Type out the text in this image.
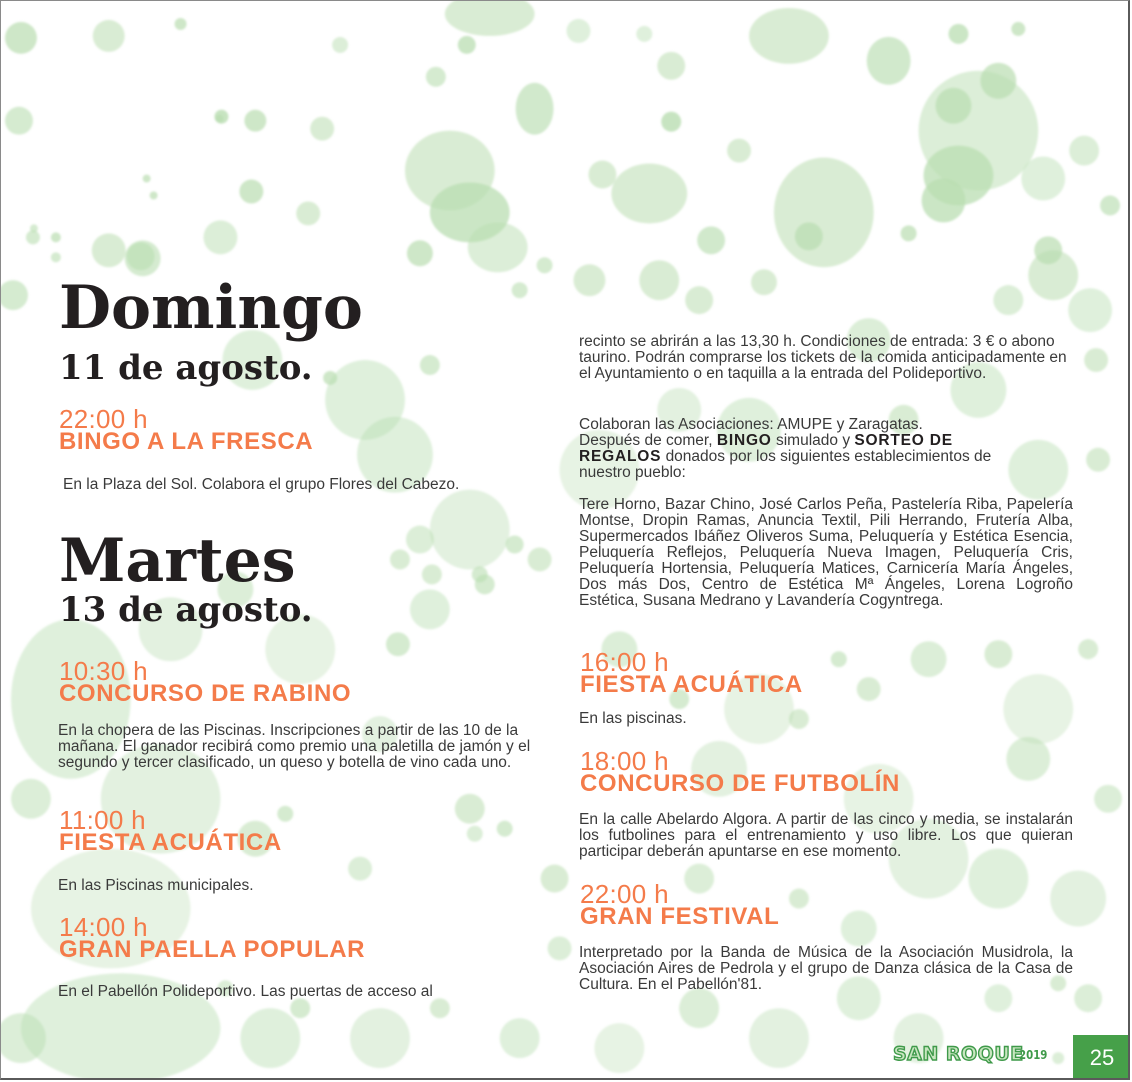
Domingo
11 de agosto.
22:00 h
BINGO A LA FRESCA

En la Plaza del Sol. Colabora el grupo Flores del Cabezo.

Martes
13 de agosto.
10:30 h
CONCURSO DE RABINO

En la chopera de las Piscinas. Inscripciones a partir de las 10 de la mañana. El ganador recibirá como premio una paletilla de jamón y el segundo y tercer clasificado, un queso y botella de vino cada uno.

11:00 h
FIESTA ACUÁTICA

En las Piscinas municipales.

14:00 h
GRAN PAELLA POPULAR

En el Pabellón Polideportivo. Las puertas de acceso al

recinto se abrirán a las 13,30 h. Condiciones de entrada: 3 € o abono taurino. Podrán comprarse los tickets de la comida anticipadamente en el Ayuntamiento o en taquilla a la entrada del Polideportivo.

Colaboran las Asociaciones: AMUPE y Zaragatas.

Después de comer, BINGO simulado y SORTEO DE REGALOS donados por los siguientes establecimientos de nuestro pueblo:

Tere Horno, Bazar Chino, José Carlos Peña, Pastelería Riba, Papelería Montse, Dropin Ramas, Anuncia Textil, Pili Herrando, Frutería Alba, Supermercados Ibáñez Oliveros Suma, Peluquería y Estética Esencia, Peluquería Reflejos, Peluquería Nueva Imagen, Peluquería Cris, Peluquería Hortensia, Peluquería Matices, Carnicería María Ángeles, Dos más Dos, Centro de Estética Mª Ángeles, Lorena Logroño Estética, Susana Medrano y Lavandería Cogyntrega.

16:00 h
FIESTA ACUÁTICA

En las piscinas.

18:00 h
CONCURSO DE FUTBOLÍN

En la calle Abelardo Algora. A partir de las cinco y media, se instalarán los futbolines para el entrenamiento y uso libre. Los que quieran participar deberán apuntarse en ese momento.

22:00 h
GRAN FESTIVAL

Interpretado por la Banda de Música de la Asociación Musidrola, la Asociación Aires de Pedrola y el grupo de Danza clásica de la Casa de Cultura. En el Pabellón'81.

SAN ROQUE
2019	25
